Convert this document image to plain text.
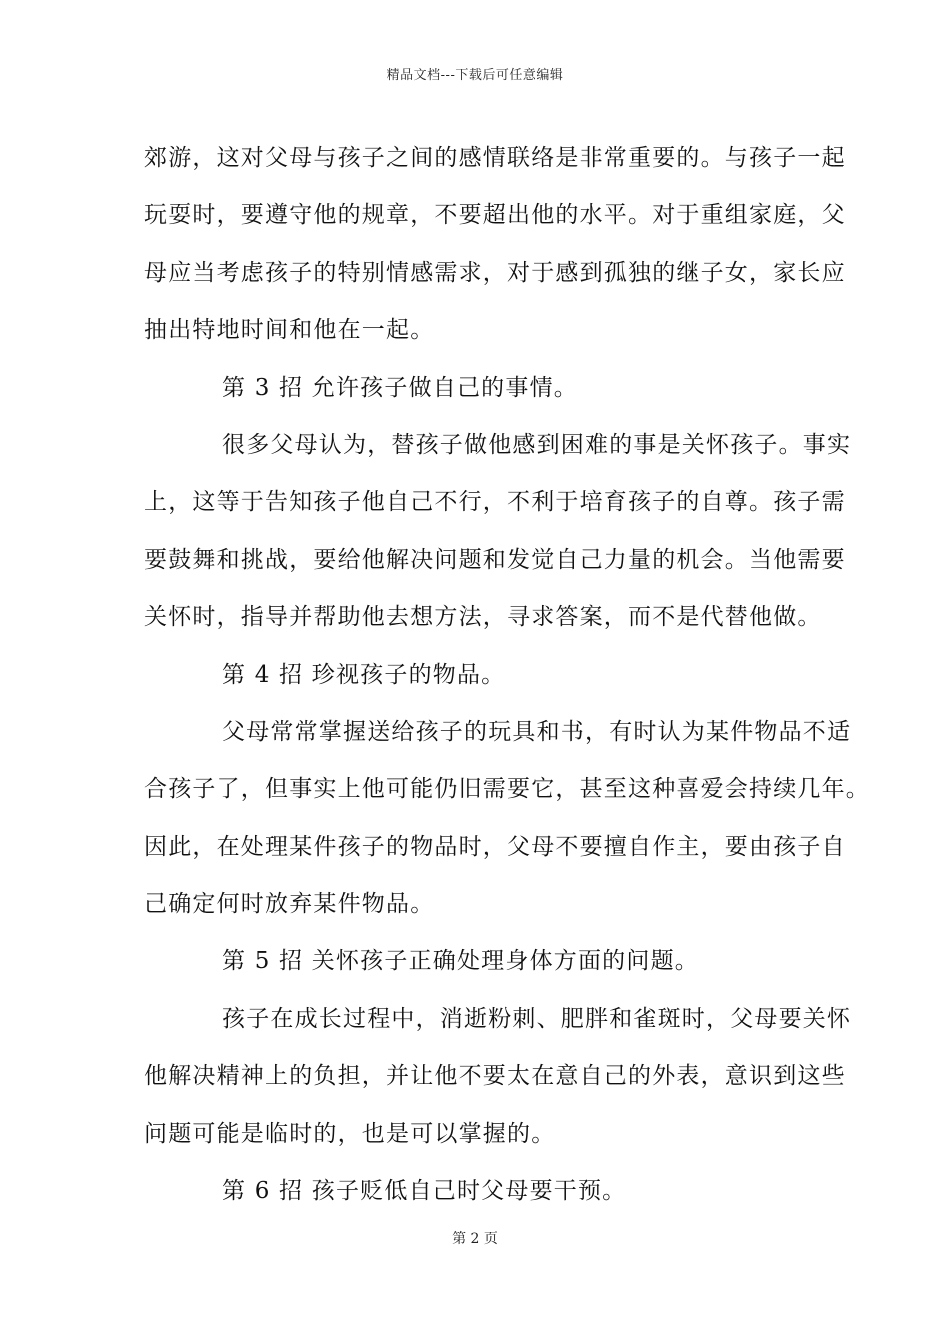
精品文档---下载后可任意编辑
郊游，这对父母与孩子之间的感情联络是非常重要的。与孩子一起
玩耍时，要遵守他的规章，不要超出他的水平。对于重组家庭，父
母应当考虑孩子的特别情感需求，对于感到孤独的继子女，家长应
抽出特地时间和他在一起。
第 3 招 允许孩子做自己的事情。
很多父母认为，替孩子做他感到困难的事是关怀孩子。事实
上，这等于告知孩子他自己不行，不利于培育孩子的自尊。孩子需
要鼓舞和挑战，要给他解决问题和发觉自己力量的机会。当他需要
关怀时，指导并帮助他去想方法，寻求答案，而不是代替他做。
第 4 招 珍视孩子的物品。
父母常常掌握送给孩子的玩具和书，有时认为某件物品不适
合孩子了，但事实上他可能仍旧需要它，甚至这种喜爱会持续几年。
因此，在处理某件孩子的物品时，父母不要擅自作主，要由孩子自
己确定何时放弃某件物品。
第 5 招 关怀孩子正确处理身体方面的问题。
孩子在成长过程中，消逝粉刺、肥胖和雀斑时，父母要关怀
他解决精神上的负担，并让他不要太在意自己的外表，意识到这些
问题可能是临时的，也是可以掌握的。
第 6 招 孩子贬低自己时父母要干预。
第 2 页
